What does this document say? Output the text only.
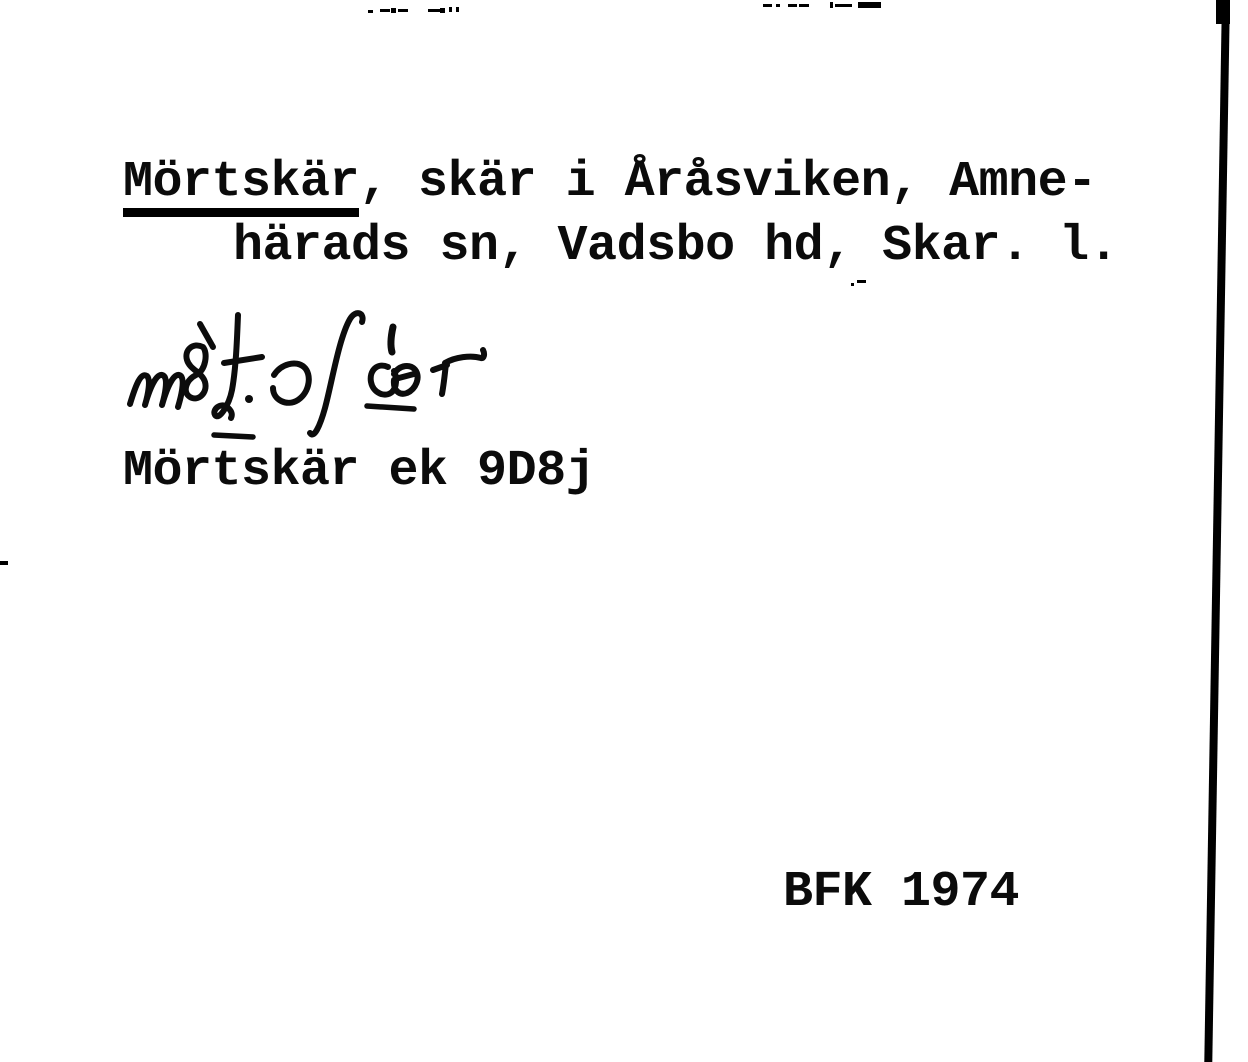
Mörtskär, skär i Åråsviken, Amne-
härads sn, Vadsbo hd, Skar. l.
Mörtskär ek 9D8j
BFK 1974
